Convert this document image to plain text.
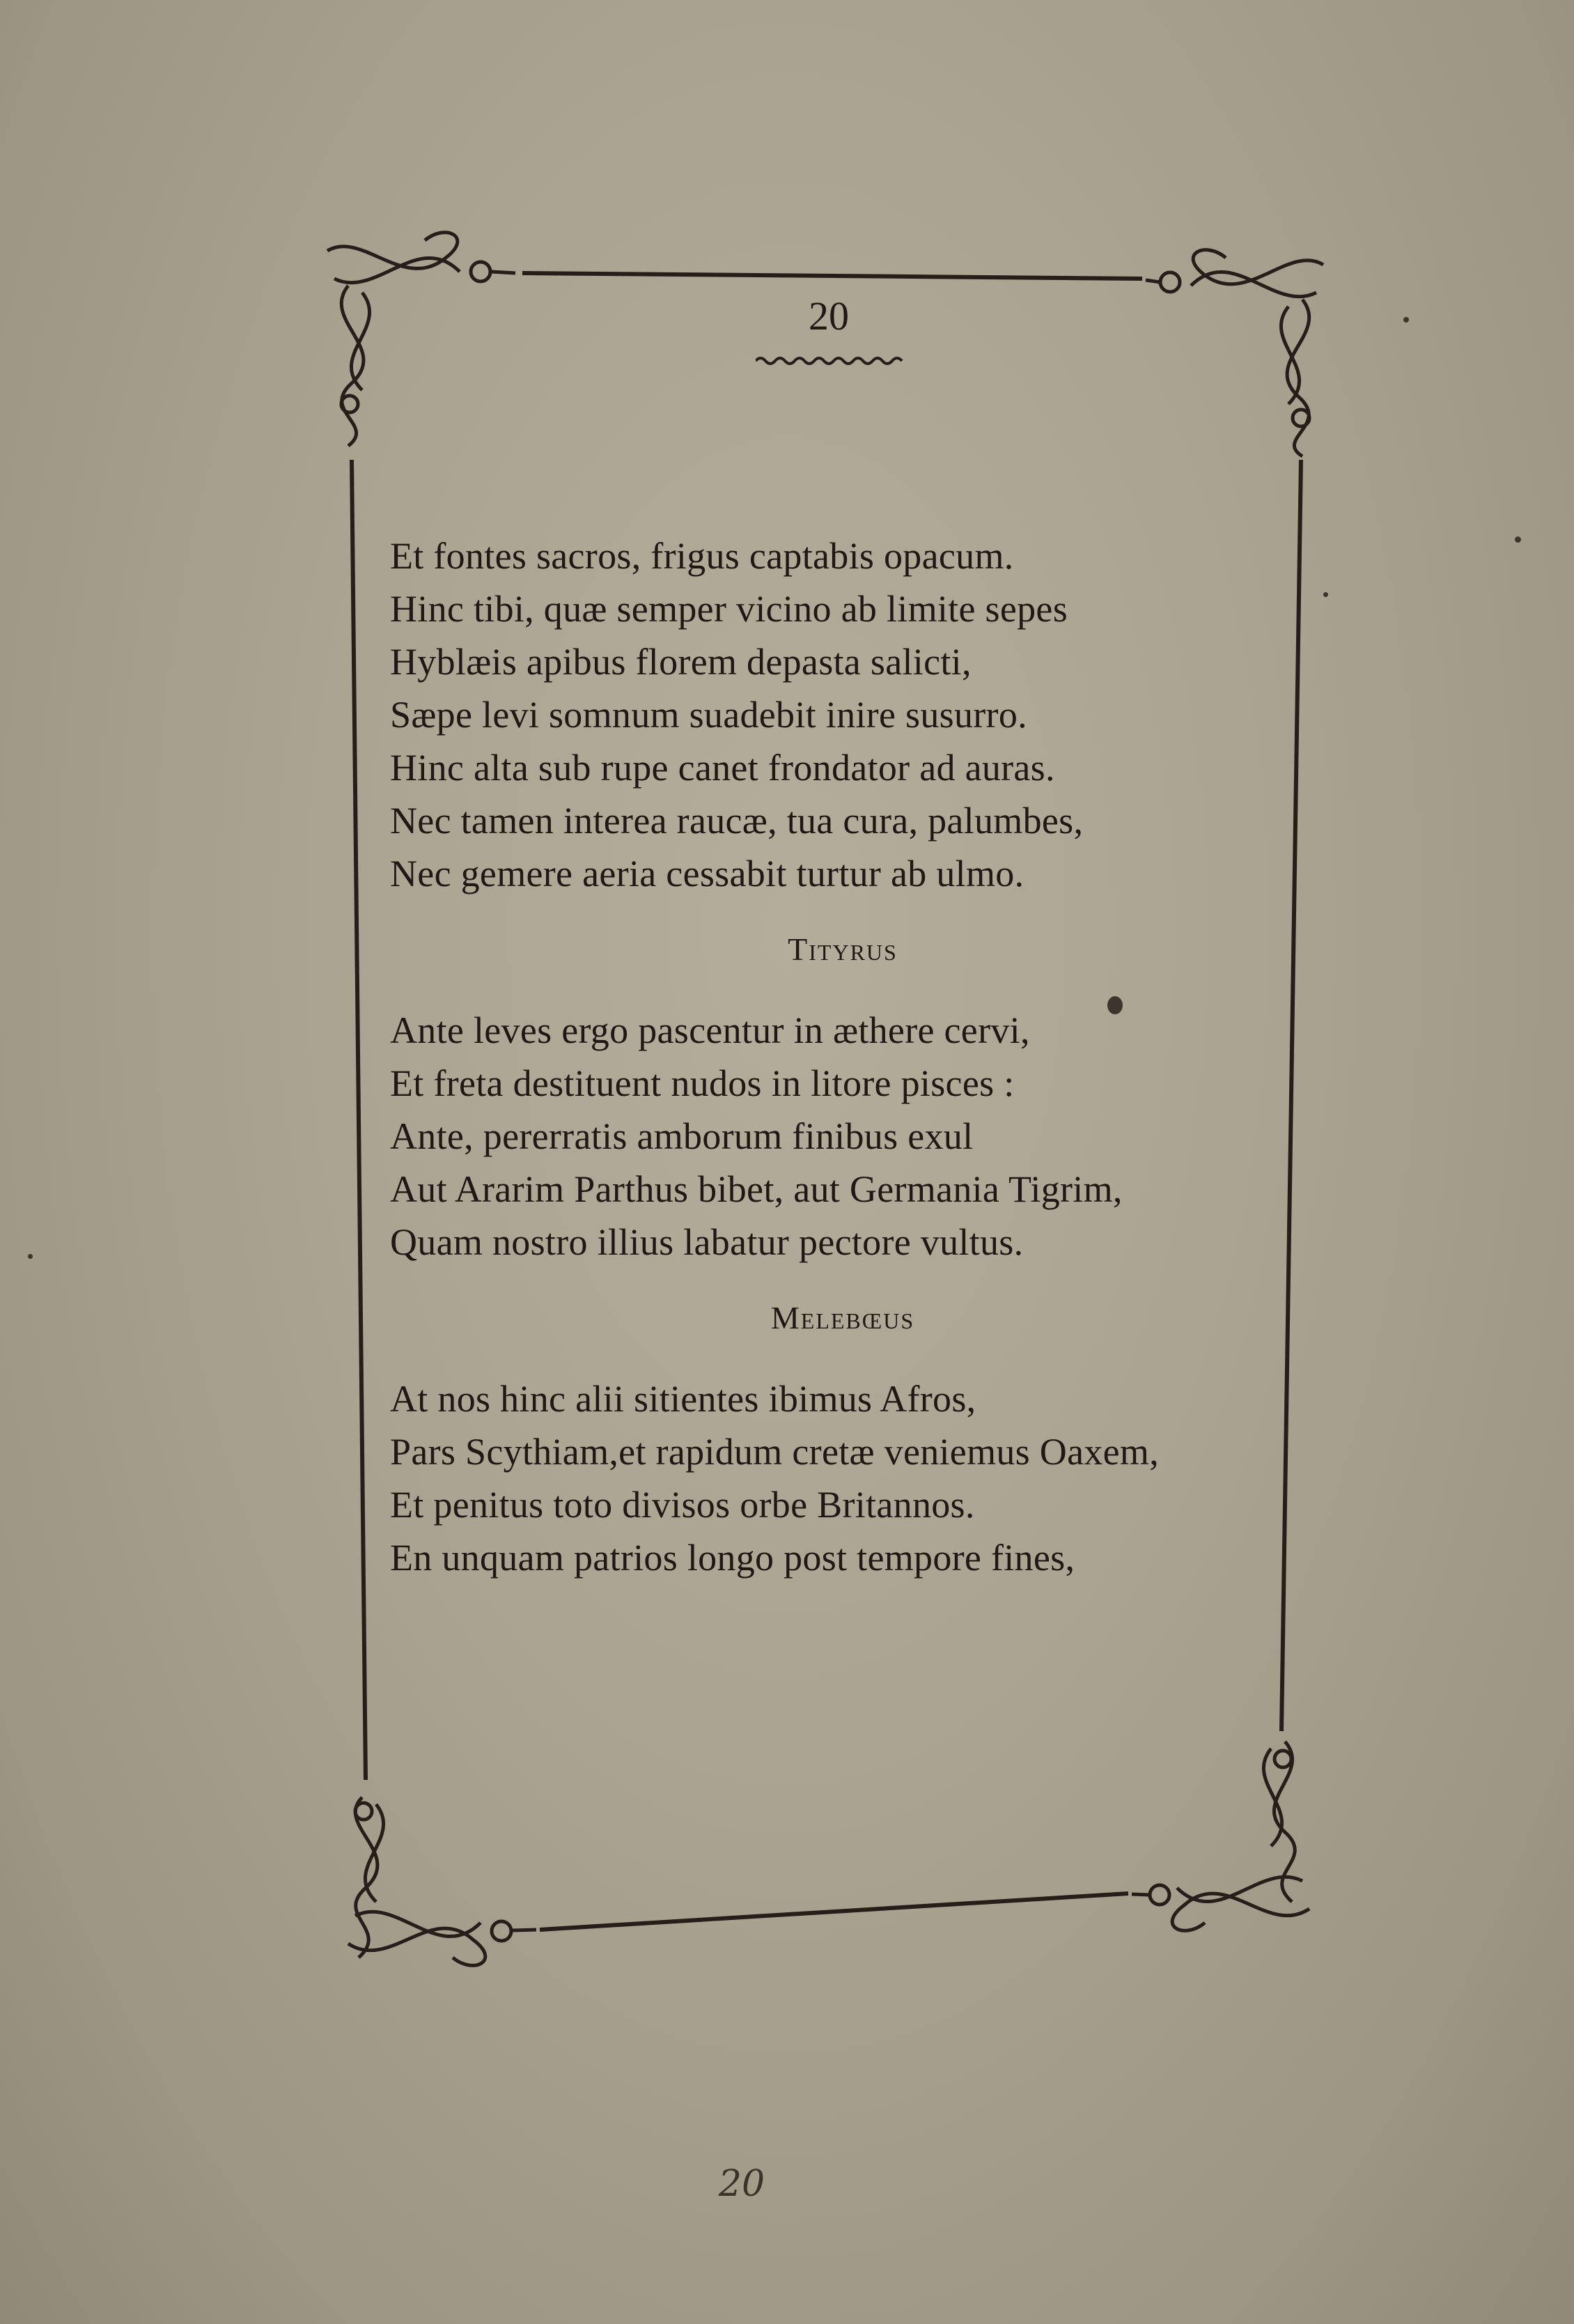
20
Et fontes sacros, frigus captabis opacum.
Hinc tibi, quæ semper vicino ab limite sepes
Hyblæis apibus florem depasta salicti,
Sæpe levi somnum suadebit inire susurro.
Hinc alta sub rupe canet frondator ad auras.
Nec tamen interea raucæ, tua cura, palumbes,
Nec gemere aeria cessabit turtur ab ulmo.
Tityrus
Ante leves ergo pascentur in æthere cervi,
Et freta destituent nudos in litore pisces :
Ante, pererratis amborum finibus exul
Aut Ararim Parthus bibet, aut Germania Tigrim,
Quam nostro illius labatur pectore vultus.
Melebœus
At nos hinc alii sitientes ibimus Afros,
Pars Scythiam,et rapidum cretæ veniemus Oaxem,
Et penitus toto divisos orbe Britannos.
En unquam patrios longo post tempore fines,
20
